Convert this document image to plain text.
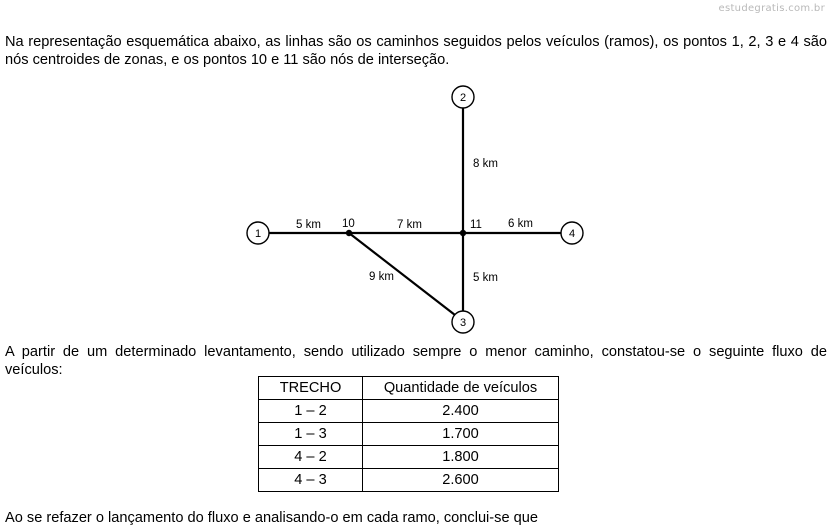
estudegratis.com.br

Na representação esquemática abaixo, as linhas são os caminhos seguidos pelos veículos (ramos), os pontos 1, 2, 3 e 4 são nós centroides de zonas, e os pontos 10 e 11 são nós de interseção.

1
2
3
4
10	11
5 km	7 km	6 km
8 km
5 km
9 km

A partir de um determinado levantamento, sendo utilizado sempre o menor caminho, constatou-se o seguinte fluxo de veículos:

TRECHO	Quantidade de veículos
1 – 2	2.400
1 – 3	1.700
4 – 2	1.800
4 – 3	2.600

Ao se refazer o lançamento do fluxo e analisando-o em cada ramo, conclui-se que
